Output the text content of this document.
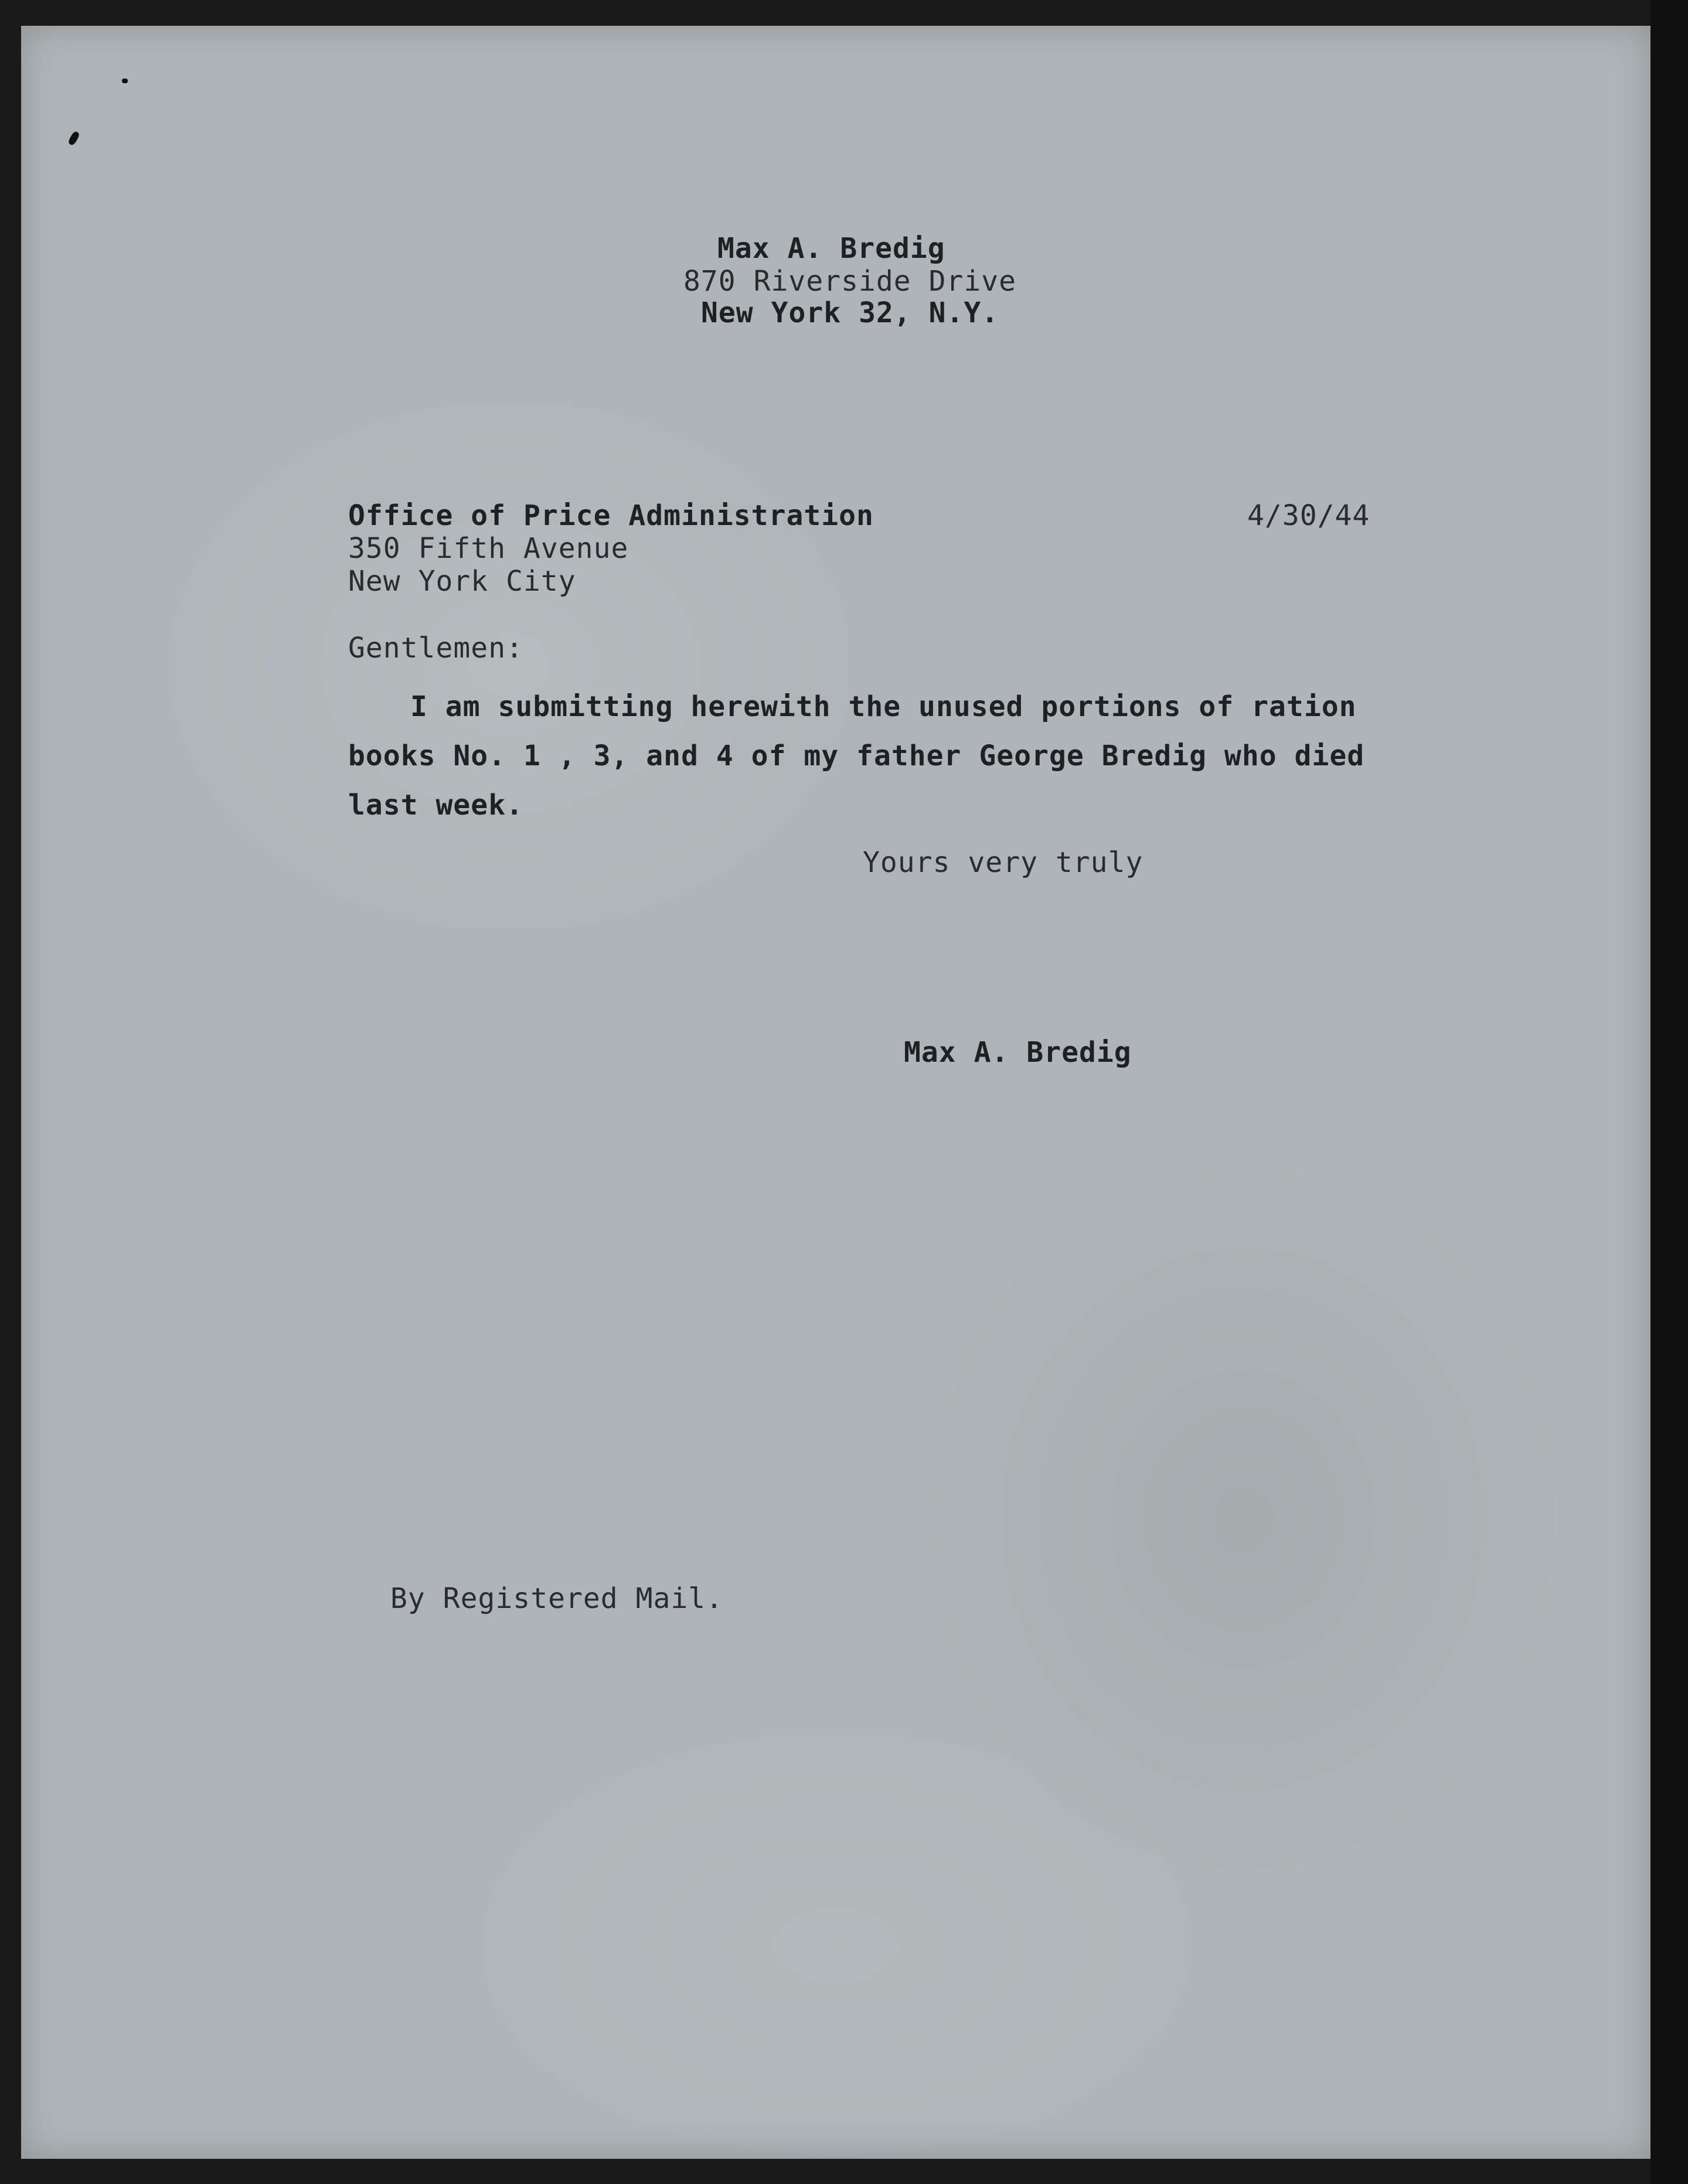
Max A. Bredig
870 Riverside Drive
New York 32, N.Y.
Office of Price Administration
350 Fifth Avenue
New York City
4/30/44
Gentlemen:
I am submitting herewith the unused portions of ration
books No. 1 , 3, and 4 of my father George Bredig who died
last week.
Yours very truly
Max A. Bredig
By Registered Mail.
